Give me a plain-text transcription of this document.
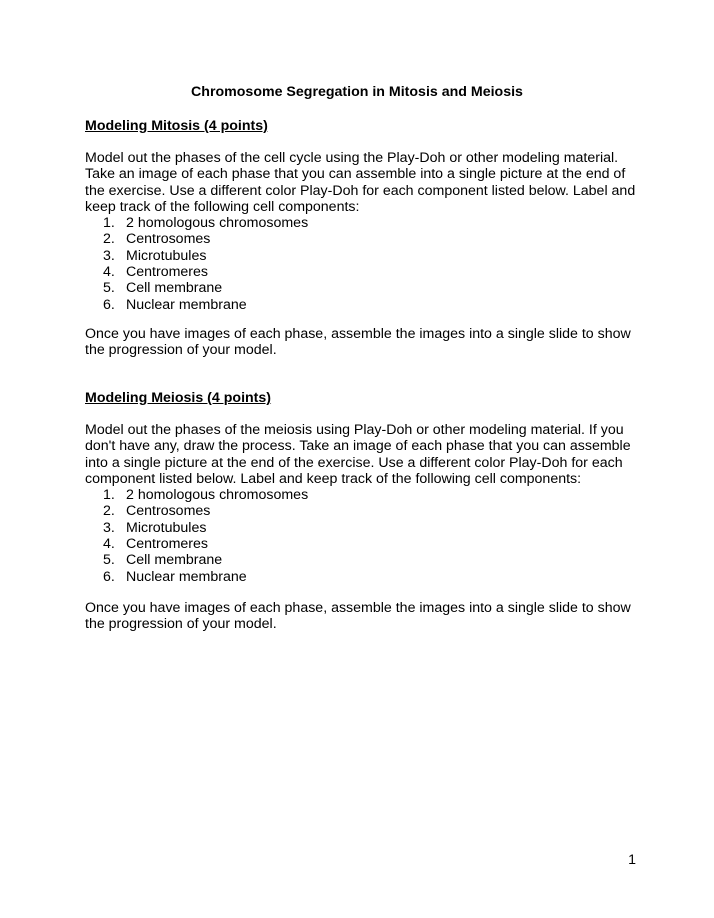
Chromosome Segregation in Mitosis and Meiosis
Modeling Mitosis (4 points)

Model out the phases of the cell cycle using the Play-Doh or other modeling material. Take an image of each phase that you can assemble into a single picture at the end of the exercise. Use a different color Play-Doh for each component listed below. Label and keep track of the following cell components:

1. 2 homologous chromosomes
2. Centrosomes
3. Microtubules
4. Centromeres
5. Cell membrane
6. Nuclear membrane

Once you have images of each phase, assemble the images into a single slide to show the progression of your model.

Modeling Meiosis (4 points)

Model out the phases of the meiosis using Play-Doh or other modeling material. If you don't have any, draw the process. Take an image of each phase that you can assemble into a single picture at the end of the exercise. Use a different color Play-Doh for each component listed below. Label and keep track of the following cell components:

1. 2 homologous chromosomes
2. Centrosomes
3. Microtubules
4. Centromeres
5. Cell membrane
6. Nuclear membrane

Once you have images of each phase, assemble the images into a single slide to show the progression of your model.

1
